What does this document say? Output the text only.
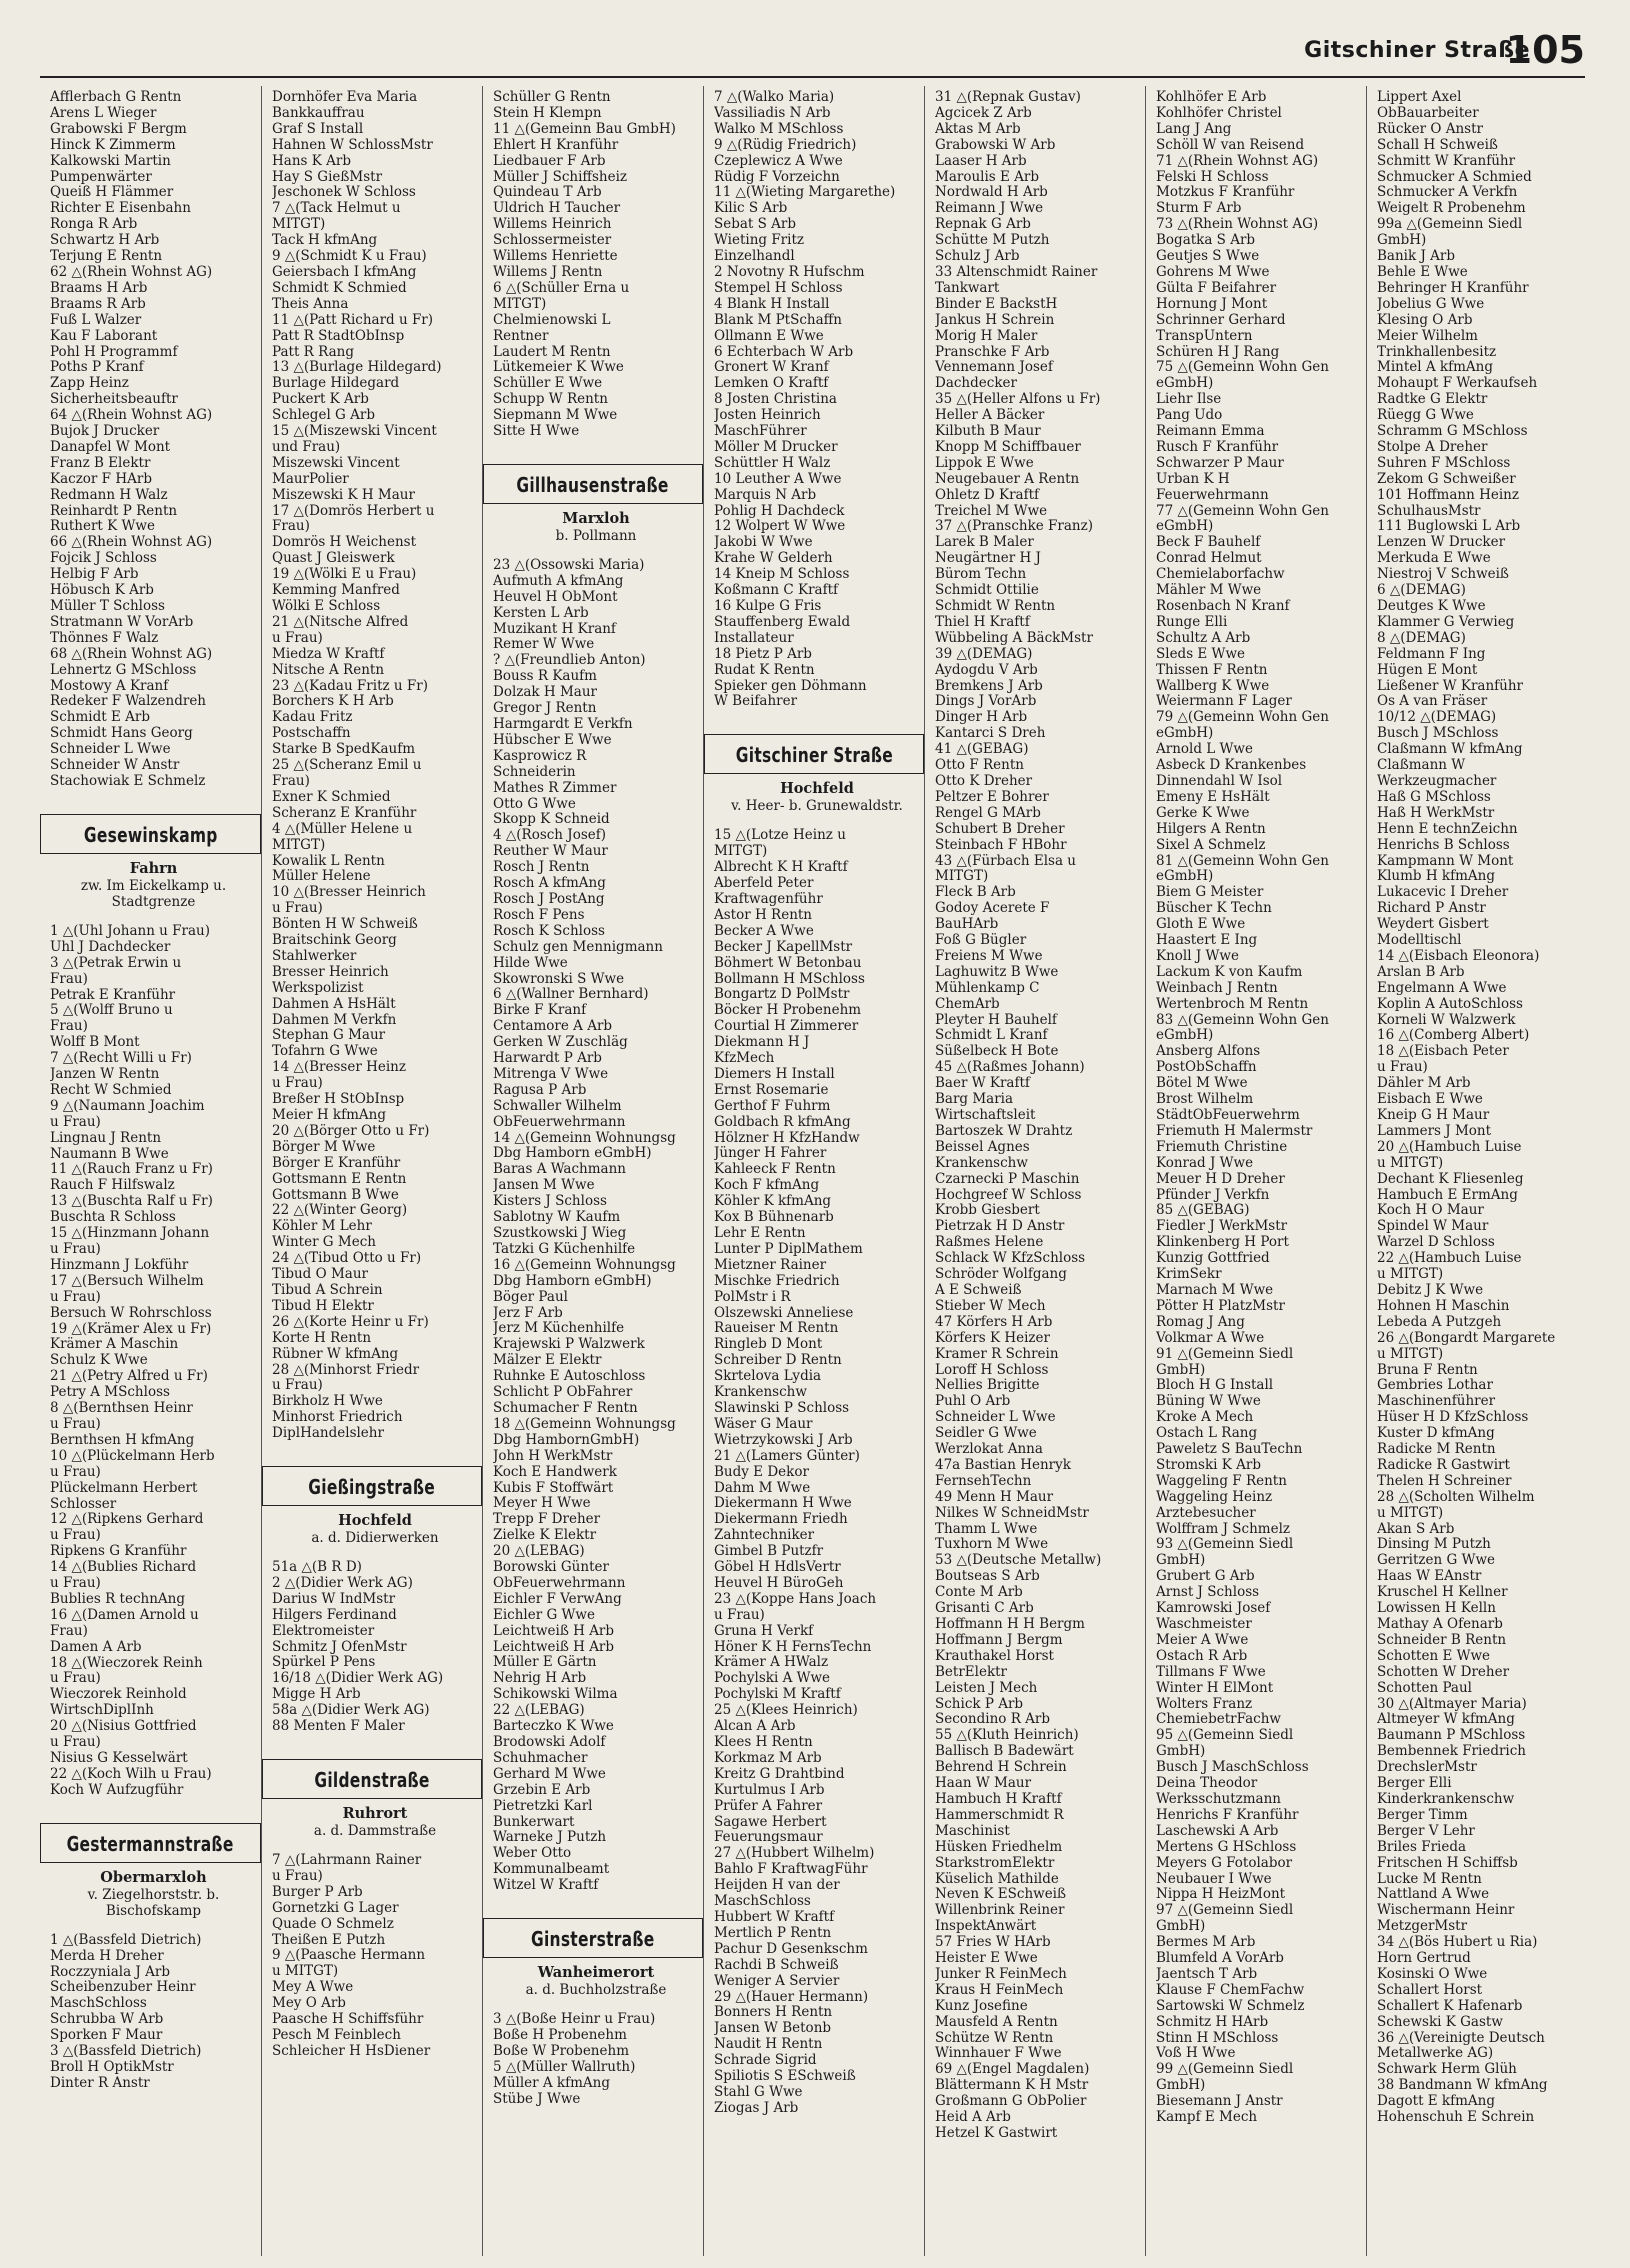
Gitschiner Straße
105
Afflerbach G Rentn
Arens L Wieger
Grabowski F Bergm
Hinck K Zimmerm
Kalkowski Martin
Pumpenwärter
Queiß H Flämmer
Richter E Eisenbahn
Ronga R Arb
Schwartz H Arb
Terjung E Rentn
62 △(Rhein Wohnst AG)
Braams H Arb
Braams R Arb
Fuß L Walzer
Kau F Laborant
Pohl H Programmf
Poths P Kranf
Zapp Heinz
Sicherheitsbeauftr
64 △(Rhein Wohnst AG)
Bujok J Drucker
Danapfel W Mont
Franz B Elektr
Kaczor F HArb
Redmann H Walz
Reinhardt P Rentn
Ruthert K Wwe
66 △(Rhein Wohnst AG)
Fojcik J Schloss
Helbig F Arb
Höbusch K Arb
Müller T Schloss
Stratmann W VorArb
Thönnes F Walz
68 △(Rhein Wohnst AG)
Lehnertz G MSchloss
Mostowy A Kranf
Redeker F Walzendreh
Schmidt E Arb
Schmidt Hans Georg
Schneider L Wwe
Schneider W Anstr
Stachowiak E Schmelz
Gesewinskamp
Fahrn
zw. Im Eickelkamp u.
Stadtgrenze
1 △(Uhl Johann u Frau)
Uhl J Dachdecker
3 △(Petrak Erwin u
Frau)
Petrak E Kranführ
5 △(Wolff Bruno u
Frau)
Wolff B Mont
7 △(Recht Willi u Fr)
Janzen W Rentn
Recht W Schmied
9 △(Naumann Joachim
u Frau)
Lingnau J Rentn
Naumann B Wwe
11 △(Rauch Franz u Fr)
Rauch F Hilfswalz
13 △(Buschta Ralf u Fr)
Buschta R Schloss
15 △(Hinzmann Johann
u Frau)
Hinzmann J Lokführ
17 △(Bersuch Wilhelm
u Frau)
Bersuch W Rohrschloss
19 △(Krämer Alex u Fr)
Krämer A Maschin
Schulz K Wwe
21 △(Petry Alfred u Fr)
Petry A MSchloss
8 △(Bernthsen Heinr
u Frau)
Bernthsen H kfmAng
10 △(Plückelmann Herb
u Frau)
Plückelmann Herbert
Schlosser
12 △(Ripkens Gerhard
u Frau)
Ripkens G Kranführ
14 △(Bublies Richard
u Frau)
Bublies R technAng
16 △(Damen Arnold u
Frau)
Damen A Arb
18 △(Wieczorek Reinh
u Frau)
Wieczorek Reinhold
WirtschDiplInh
20 △(Nisius Gottfried
u Frau)
Nisius G Kesselwärt
22 △(Koch Wilh u Frau)
Koch W Aufzugführ
Gestermannstraße
Obermarxloh
v. Ziegelhorststr. b.
Bischofskamp
1 △(Bassfeld Dietrich)
Merda H Dreher
Roczzyniala J Arb
Scheibenzuber Heinr
MaschSchloss
Schrubba W Arb
Sporken F Maur
3 △(Bassfeld Dietrich)
Broll H OptikMstr
Dinter R Anstr
Dornhöfer Eva Maria
Bankkauffrau
Graf S Install
Hahnen W SchlossMstr
Hans K Arb
Hay S GießMstr
Jeschonek W Schloss
7 △(Tack Helmut u
MITGT)
Tack H kfmAng
9 △(Schmidt K u Frau)
Geiersbach I kfmAng
Schmidt K Schmied
Theis Anna
11 △(Patt Richard u Fr)
Patt R StadtObInsp
Patt R Rang
13 △(Burlage Hildegard)
Burlage Hildegard
Puckert K Arb
Schlegel G Arb
15 △(Miszewski Vincent
und Frau)
Miszewski Vincent
MaurPolier
Miszewski K H Maur
17 △(Domrös Herbert u
Frau)
Domrös H Weichenst
Quast J Gleiswerk
19 △(Wölki E u Frau)
Kemming Manfred
Wölki E Schloss
21 △(Nitsche Alfred
u Frau)
Miedza W Kraftf
Nitsche A Rentn
23 △(Kadau Fritz u Fr)
Borchers K H Arb
Kadau Fritz
Postschaffn
Starke B SpedKaufm
25 △(Scheranz Emil u
Frau)
Exner K Schmied
Scheranz E Kranführ
4 △(Müller Helene u
MITGT)
Kowalik L Rentn
Müller Helene
10 △(Bresser Heinrich
u Frau)
Bönten H W Schweiß
Braitschink Georg
Stahlwerker
Bresser Heinrich
Werkspolizist
Dahmen A HsHält
Dahmen M Verkfn
Stephan G Maur
Tofahrn G Wwe
14 △(Bresser Heinz
u Frau)
Breßer H StObInsp
Meier H kfmAng
20 △(Börger Otto u Fr)
Börger M Wwe
Börger E Kranführ
Gottsmann E Rentn
Gottsmann B Wwe
22 △(Winter Georg)
Köhler M Lehr
Winter G Mech
24 △(Tibud Otto u Fr)
Tibud O Maur
Tibud A Schrein
Tibud H Elektr
26 △(Korte Heinr u Fr)
Korte H Rentn
Rübner W kfmAng
28 △(Minhorst Friedr
u Frau)
Birkholz H Wwe
Minhorst Friedrich
DiplHandelslehr
Gießingstraße
Hochfeld
a. d. Didierwerken
51a △(B R D)
2 △(Didier Werk AG)
Darius W IndMstr
Hilgers Ferdinand
Elektromeister
Schmitz J OfenMstr
Spürkel P Pens
16/18 △(Didier Werk AG)
Migge H Arb
58a △(Didier Werk AG)
88 Menten F Maler
Gildenstraße
Ruhrort
a. d. Dammstraße
7 △(Lahrmann Rainer
u Frau)
Burger P Arb
Gornetzki G Lager
Quade O Schmelz
Theißen E Putzh
9 △(Paasche Hermann
u MITGT)
Mey A Wwe
Mey O Arb
Paasche H Schiffsführ
Pesch M Feinblech
Schleicher H HsDiener
Schüller G Rentn
Stein H Klempn
11 △(Gemeinn Bau GmbH)
Ehlert H Kranführ
Liedbauer F Arb
Müller J Schiffsheiz
Quindeau T Arb
Uldrich H Taucher
Willems Heinrich
Schlossermeister
Willems Henriette
Willems J Rentn
6 △(Schüller Erna u
MITGT)
Chelmienowski L
Rentner
Laudert M Rentn
Lütkemeier K Wwe
Schüller E Wwe
Schupp W Rentn
Siepmann M Wwe
Sitte H Wwe
Gillhausenstraße
Marxloh
b. Pollmann
23 △(Ossowski Maria)
Aufmuth A kfmAng
Heuvel H ObMont
Kersten L Arb
Muzikant H Kranf
Remer W Wwe
? △(Freundlieb Anton)
Bouss R Kaufm
Dolzak H Maur
Gregor J Rentn
Harmgardt E Verkfn
Hübscher E Wwe
Kasprowicz R
Schneiderin
Mathes R Zimmer
Otto G Wwe
Skopp K Schneid
4 △(Rosch Josef)
Reuther W Maur
Rosch J Rentn
Rosch A kfmAng
Rosch J PostAng
Rosch F Pens
Rosch K Schloss
Schulz gen Mennigmann
Hilde Wwe
Skowronski S Wwe
6 △(Wallner Bernhard)
Birke F Kranf
Centamore A Arb
Gerken W Zuschläg
Harwardt P Arb
Mitrenga V Wwe
Ragusa P Arb
Schwaller Wilhelm
ObFeuerwehrmann
14 △(Gemeinn Wohnungsg
Dbg Hamborn eGmbH)
Baras A Wachmann
Jansen M Wwe
Kisters J Schloss
Sablotny W Kaufm
Szustkowski J Wieg
Tatzki G Küchenhilfe
16 △(Gemeinn Wohnungsg
Dbg Hamborn eGmbH)
Böger Paul
Jerz F Arb
Jerz M Küchenhilfe
Krajewski P Walzwerk
Mälzer E Elektr
Ruhnke E Autoschloss
Schlicht P ObFahrer
Schumacher F Rentn
18 △(Gemeinn Wohnungsg
Dbg HambornGmbH)
John H WerkMstr
Koch E Handwerk
Kubis F Stoffwärt
Meyer H Wwe
Trepp F Dreher
Zielke K Elektr
20 △(LEBAG)
Borowski Günter
ObFeuerwehrmann
Eichler F VerwAng
Eichler G Wwe
Leichtweiß H Arb
Leichtweiß H Arb
Müller E Gärtn
Nehrig H Arb
Schikowski Wilma
22 △(LEBAG)
Barteczko K Wwe
Brodowski Adolf
Schuhmacher
Gerhard M Wwe
Grzebin E Arb
Pietretzki Karl
Bunkerwart
Warneke J Putzh
Weber Otto
Kommunalbeamt
Witzel W Kraftf
Ginsterstraße
Wanheimerort
a. d. Buchholzstraße
3 △(Boße Heinr u Frau)
Boße H Probenehm
Boße W Probenehm
5 △(Müller Wallruth)
Müller A kfmAng
Stübe J Wwe
7 △(Walko Maria)
Vassiliadis N Arb
Walko M MSchloss
9 △(Rüdig Friedrich)
Czeplewicz A Wwe
Rüdig F Vorzeichn
11 △(Wieting Margarethe)
Kilic S Arb
Sebat S Arb
Wieting Fritz
Einzelhandl
2 Novotny R Hufschm
Stempel H Schloss
4 Blank H Install
Blank M PtSchaffn
Ollmann E Wwe
6 Echterbach W Arb
Gronert W Kranf
Lemken O Kraftf
8 Josten Christina
Josten Heinrich
MaschFührer
Möller M Drucker
Schüttler H Walz
10 Leuther A Wwe
Marquis N Arb
Pohlig H Dachdeck
12 Wolpert W Wwe
Jakobi W Wwe
Krahe W Gelderh
14 Kneip M Schloss
Koßmann C Kraftf
16 Kulpe G Fris
Stauffenberg Ewald
Installateur
18 Pietz P Arb
Rudat K Rentn
Spieker gen Döhmann
W Beifahrer
Gitschiner Straße
Hochfeld
v. Heer- b. Grunewaldstr.
15 △(Lotze Heinz u
MITGT)
Albrecht K H Kraftf
Aberfeld Peter
Kraftwagenführ
Astor H Rentn
Becker A Wwe
Becker J KapellMstr
Böhmert W Betonbau
Bollmann H MSchloss
Bongartz D PolMstr
Böcker H Probenehm
Courtial H Zimmerer
Diekmann H J
KfzMech
Diemers H Install
Ernst Rosemarie
Gerthof F Fuhrm
Goldbach R kfmAng
Hölzner H KfzHandw
Jünger H Fahrer
Kahleeck F Rentn
Koch F kfmAng
Köhler K kfmAng
Kox B Bühnenarb
Lehr E Rentn
Lunter P DiplMathem
Mietzner Rainer
Mischke Friedrich
PolMstr i R
Olszewski Anneliese
Raueiser M Rentn
Ringleb D Mont
Schreiber D Rentn
Skrtelova Lydia
Krankenschw
Slawinski P Schloss
Wäser G Maur
Wietrzykowski J Arb
21 △(Lamers Günter)
Budy E Dekor
Dahm M Wwe
Diekermann H Wwe
Diekermann Friedh
Zahntechniker
Gimbel B Putzfr
Göbel H HdlsVertr
Heuvel H BüroGeh
23 △(Koppe Hans Joach
u Frau)
Gruna H Verkf
Höner K H FernsTechn
Krämer A HWalz
Pochylski A Wwe
Pochylski M Kraftf
25 △(Klees Heinrich)
Alcan A Arb
Klees H Rentn
Korkmaz M Arb
Kreitz G Drahtbind
Kurtulmus I Arb
Prüfer A Fahrer
Sagawe Herbert
Feuerungsmaur
27 △(Hubbert Wilhelm)
Bahlo F KraftwagFühr
Heijden H van der
MaschSchloss
Hubbert W Kraftf
Mertlich P Rentn
Pachur D Gesenkschm
Rachdi B Schweiß
Weniger A Servier
29 △(Hauer Hermann)
Bonners H Rentn
Jansen W Betonb
Naudit H Rentn
Schrade Sigrid
Spiliotis S ESchweiß
Stahl G Wwe
Ziogas J Arb
31 △(Repnak Gustav)
Agcicek Z Arb
Aktas M Arb
Grabowski W Arb
Laaser H Arb
Maroulis E Arb
Nordwald H Arb
Reimann J Wwe
Repnak G Arb
Schütte M Putzh
Schulz J Arb
33 Altenschmidt Rainer
Tankwart
Binder E BackstH
Jankus H Schrein
Morig H Maler
Pranschke F Arb
Vennemann Josef
Dachdecker
35 △(Heller Alfons u Fr)
Heller A Bäcker
Kilbuth B Maur
Knopp M Schiffbauer
Lippok E Wwe
Neugebauer A Rentn
Ohletz D Kraftf
Treichel M Wwe
37 △(Pranschke Franz)
Larek B Maler
Neugärtner H J
Bürom Techn
Schmidt Ottilie
Schmidt W Rentn
Thiel H Kraftf
Wübbeling A BäckMstr
39 △(DEMAG)
Aydogdu V Arb
Bremkens J Arb
Dings J VorArb
Dinger H Arb
Kantarci S Dreh
41 △(GEBAG)
Otto F Rentn
Otto K Dreher
Peltzer E Bohrer
Rengel G MArb
Schubert B Dreher
Steinbach F HBohr
43 △(Fürbach Elsa u
MITGT)
Fleck B Arb
Godoy Acerete F
BauHArb
Foß G Bügler
Freiens M Wwe
Laghuwitz B Wwe
Mühlenkamp C
ChemArb
Pleyter H Bauhelf
Schmidt L Kranf
Süßelbeck H Bote
45 △(Raßmes Johann)
Baer W Kraftf
Barg Maria
Wirtschaftsleit
Bartoszek W Drahtz
Beissel Agnes
Krankenschw
Czarnecki P Maschin
Hochgreef W Schloss
Krobb Giesbert
Pietrzak H D Anstr
Raßmes Helene
Schlack W KfzSchloss
Schröder Wolfgang
A E Schweiß
Stieber W Mech
47 Körfers H Arb
Körfers K Heizer
Kramer R Schrein
Loroff H Schloss
Nellies Brigitte
Puhl O Arb
Schneider L Wwe
Seidler G Wwe
Werzlokat Anna
47a Bastian Henryk
FernsehTechn
49 Menn H Maur
Nilkes W SchneidMstr
Thamm L Wwe
Tuxhorn M Wwe
53 △(Deutsche Metallw)
Boutseas S Arb
Conte M Arb
Grisanti C Arb
Hoffmann H H Bergm
Hoffmann J Bergm
Krauthakel Horst
BetrElektr
Leisten J Mech
Schick P Arb
Secondino R Arb
55 △(Kluth Heinrich)
Ballisch B Badewärt
Behrend H Schrein
Haan W Maur
Hambuch H Kraftf
Hammerschmidt R
Maschinist
Hüsken Friedhelm
StarkstromElektr
Küselich Mathilde
Neven K ESchweiß
Willenbrink Reiner
InspektAnwärt
57 Fries W HArb
Heister E Wwe
Junker R FeinMech
Kraus H FeinMech
Kunz Josefine
Mausfeld A Rentn
Schütze W Rentn
Winnhauer F Wwe
69 △(Engel Magdalen)
Blättermann K H Mstr
Großmann G ObPolier
Heid A Arb
Hetzel K Gastwirt
Kohlhöfer E Arb
Kohlhöfer Christel
Lang J Ang
Schöll W van Reisend
71 △(Rhein Wohnst AG)
Felski H Schloss
Motzkus F Kranführ
Sturm F Arb
73 △(Rhein Wohnst AG)
Bogatka S Arb
Geutjes S Wwe
Gohrens M Wwe
Gülta F Beifahrer
Hornung J Mont
Schrinner Gerhard
TranspUntern
Schüren H J Rang
75 △(Gemeinn Wohn Gen
eGmbH)
Liehr Ilse
Pang Udo
Reimann Emma
Rusch F Kranführ
Schwarzer P Maur
Urban K H
Feuerwehrmann
77 △(Gemeinn Wohn Gen
eGmbH)
Beck F Bauhelf
Conrad Helmut
Chemielaborfachw
Mähler M Wwe
Rosenbach N Kranf
Runge Elli
Schultz A Arb
Sleds E Wwe
Thissen F Rentn
Wallberg K Wwe
Weiermann F Lager
79 △(Gemeinn Wohn Gen
eGmbH)
Arnold L Wwe
Asbeck D Krankenbes
Dinnendahl W Isol
Emeny E HsHält
Gerke K Wwe
Hilgers A Rentn
Sixel A Schmelz
81 △(Gemeinn Wohn Gen
eGmbH)
Biem G Meister
Büscher K Techn
Gloth E Wwe
Haastert E Ing
Knoll J Wwe
Lackum K von Kaufm
Weinbach J Rentn
Wertenbroch M Rentn
83 △(Gemeinn Wohn Gen
eGmbH)
Ansberg Alfons
PostObSchaffn
Bötel M Wwe
Brost Wilhelm
StädtObFeuerwehrm
Friemuth H Malermstr
Friemuth Christine
Konrad J Wwe
Meuer H D Dreher
Pfünder J Verkfn
85 △(GEBAG)
Fiedler J WerkMstr
Klinkenberg H Port
Kunzig Gottfried
KrimSekr
Marnach M Wwe
Pötter H PlatzMstr
Romag J Ang
Volkmar A Wwe
91 △(Gemeinn Siedl
GmbH)
Bloch H G Install
Büning W Wwe
Kroke A Mech
Ostach L Rang
Paweletz S BauTechn
Stromski K Arb
Waggeling F Rentn
Waggeling Heinz
Ärztebesucher
Wolffram J Schmelz
93 △(Gemeinn Siedl
GmbH)
Grubert G Arb
Arnst J Schloss
Kamrowski Josef
Waschmeister
Meier A Wwe
Ostach R Arb
Tillmans F Wwe
Winter H ElMont
Wolters Franz
ChemiebetrFachw
95 △(Gemeinn Siedl
GmbH)
Busch J MaschSchloss
Deina Theodor
Werksschutzmann
Henrichs F Kranführ
Laschewski A Arb
Mertens G HSchloss
Meyers G Fotolabor
Neubauer I Wwe
Nippa H HeizMont
97 △(Gemeinn Siedl
GmbH)
Bermes M Arb
Blumfeld A VorArb
Jaentsch T Arb
Klause F ChemFachw
Sartowski W Schmelz
Schmitz H HArb
Stinn H MSchloss
Voß H Wwe
99 △(Gemeinn Siedl
GmbH)
Biesemann J Anstr
Kampf E Mech
Lippert Axel
ObBauarbeiter
Rücker O Anstr
Schall H Schweiß
Schmitt W Kranführ
Schmucker A Schmied
Schmucker A Verkfn
Weigelt R Probenehm
99a △(Gemeinn Siedl
GmbH)
Banik J Arb
Behle E Wwe
Behringer H Kranführ
Jobelius G Wwe
Klesing O Arb
Meier Wilhelm
Trinkhallenbesitz
Mintel A kfmAng
Mohaupt F Werkaufseh
Radtke G Elektr
Rüegg G Wwe
Schramm G MSchloss
Stolpe A Dreher
Suhren F MSchloss
Zekom G Schweißer
101 Hoffmann Heinz
SchulhausMstr
111 Buglowski L Arb
Lenzen W Drucker
Merkuda E Wwe
Niestroj V Schweiß
6 △(DEMAG)
Deutges K Wwe
Klammer G Verwieg
8 △(DEMAG)
Feldmann F Ing
Hügen E Mont
Ließener W Kranführ
Os A van Fräser
10/12 △(DEMAG)
Busch J MSchloss
Claßmann W kfmAng
Claßmann W
Werkzeugmacher
Haß G MSchloss
Haß H WerkMstr
Henn E technZeichn
Henrichs B Schloss
Kampmann W Mont
Klumb H kfmAng
Lukacevic I Dreher
Richard P Anstr
Weydert Gisbert
Modelltischl
14 △(Eisbach Eleonora)
Arslan B Arb
Engelmann A Wwe
Koplin A AutoSchloss
Korneli W Walzwerk
16 △(Comberg Albert)
18 △(Eisbach Peter
u Frau)
Dähler M Arb
Eisbach E Wwe
Kneip G H Maur
Lammers J Mont
20 △(Hambuch Luise
u MITGT)
Dechant K Fliesenleg
Hambuch E ErmAng
Koch H O Maur
Spindel W Maur
Warzel D Schloss
22 △(Hambuch Luise
u MITGT)
Debitz J K Wwe
Hohnen H Maschin
Lebeda A Putzgeh
26 △(Bongardt Margarete
u MITGT)
Bruna F Rentn
Gembries Lothar
Maschinenführer
Hüser H D KfzSchloss
Kuster D kfmAng
Radicke M Rentn
Radicke R Gastwirt
Thelen H Schreiner
28 △(Scholten Wilhelm
u MITGT)
Akan S Arb
Dinsing M Putzh
Gerritzen G Wwe
Haas W EAnstr
Kruschel H Kellner
Lowissen H Kelln
Mathay A Ofenarb
Schneider B Rentn
Schotten E Wwe
Schotten W Dreher
Schotten Paul
30 △(Altmayer Maria)
Altmeyer W kfmAng
Baumann P MSchloss
Bembennek Friedrich
DrechslerMstr
Berger Elli
Kinderkrankenschw
Berger Timm
Berger V Lehr
Briles Frieda
Fritschen H Schiffsb
Lucke M Rentn
Nattland A Wwe
Wischermann Heinr
MetzgerMstr
34 △(Bös Hubert u Ria)
Horn Gertrud
Kosinski O Wwe
Schallert Horst
Schallert K Hafenarb
Schewski K Gastw
36 △(Vereinigte Deutsch
Metallwerke AG)
Schwark Herm Glüh
38 Bandmann W kfmAng
Dagott E kfmAng
Hohenschuh E Schrein
